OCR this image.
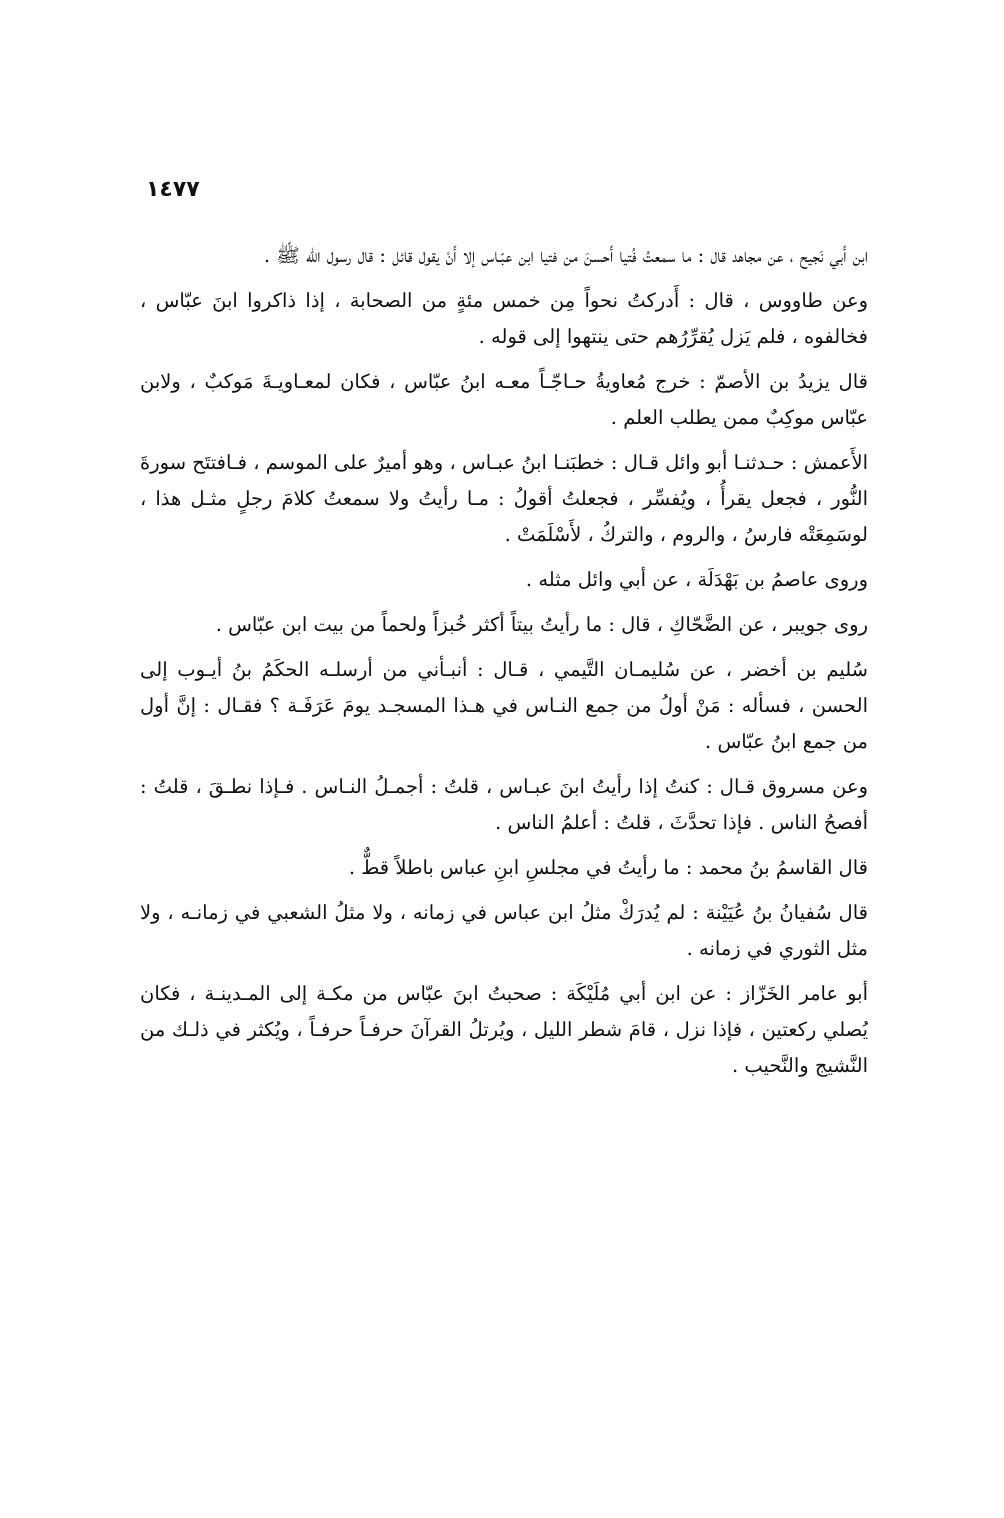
١٤٧٧

ابن أَبي نَجيح ، عن مجاهد قال : ما سمعتُ فُتيا أَحسنَ من فتيا ابن عبّـاس إلا أَنْ يقول قائل : قال رسول الله ﷺ .

وعن طاووس ، قال : أَدركتُ نحواً مِن خمس مئةٍ من الصحابة ، إذا ذاكروا ابنَ عبّاس ، فخالفوه ، فلم يَزل يُقرِّرُهم حتى ينتهوا إلى قوله .

قال يزيدُ بن الأصمّ : خرج مُعاويةُ حـاجّـاً معـه ابنُ عبّاس ، فكان لمعـاويـةَ مَوكبٌ ، ولابن عبّاس موكِبٌ ممن يطلب العلم .

الأَعمش : حـدثنـا أبو وائل قـال : خطبَنـا ابنُ عبـاس ، وهو أميرٌ على الموسم ، فـافتتَح سورةَ النُّور ، فجعل يقرأُ ، ويُفسِّر ، فجعلتُ أقولُ : مـا رأيتُ ولا سمعتُ كلامَ رجلٍ مثـل هذا ، لوسَمِعَتْه فارسُ ، والروم ، والتركُ ، لأَسْلَمَتْ .

وروى عاصمُ بن بَهْدَلَة ، عن أبي وائل مثله .

روى جويبر ، عن الضَّحّاكِ ، قال : ما رأيتُ بيتاً أكثر خُبزاً ولحماً من بيت ابن عبّاس .

سُليم بن أخضر ، عن سُليمـان التَّيمي ، قـال : أنبـأني من أرسلـه الحكَمُ بنُ أيـوب إلى الحسن ، فسأله : مَنْ أولُ من جمع النـاس في هـذا المسجـد يومَ عَرَفَـة ؟ فقـال : إنَّ أول من جمع ابنُ عبّاس .

وعن مسروق قـال : كنتُ إذا رأيتُ ابنَ عبـاس ، قلتُ : أجمـلُ النـاس . فـإذا نطـقَ ، قلتُ : أفصحُ الناس . فإذا تحدَّثَ ، قلتُ : أعلمُ الناس .

قال القاسمُ بنُ محمد : ما رأيتُ في مجلسِ ابنِ عباس باطلاً قطٌّ .

قال سُفيانُ بنُ عُيَيْنة : لم يُدرَكْ مثلُ ابن عباس في زمانه ، ولا مثلُ الشعبي في زمانـه ، ولا مثل الثوري في زمانه .

أبو عامر الخَزّاز : عن ابن أبي مُلَيْكَة : صحبتُ ابنَ عبّاس من مكـة إلى المـدينـة ، فكان يُصلي ركعتين ، فإذا نزل ، قامَ شطر الليل ، ويُرتلُ القرآنَ حرفـاً حرفـاً ، ويُكثر في ذلـك من النَّشيج والنَّحيب .
